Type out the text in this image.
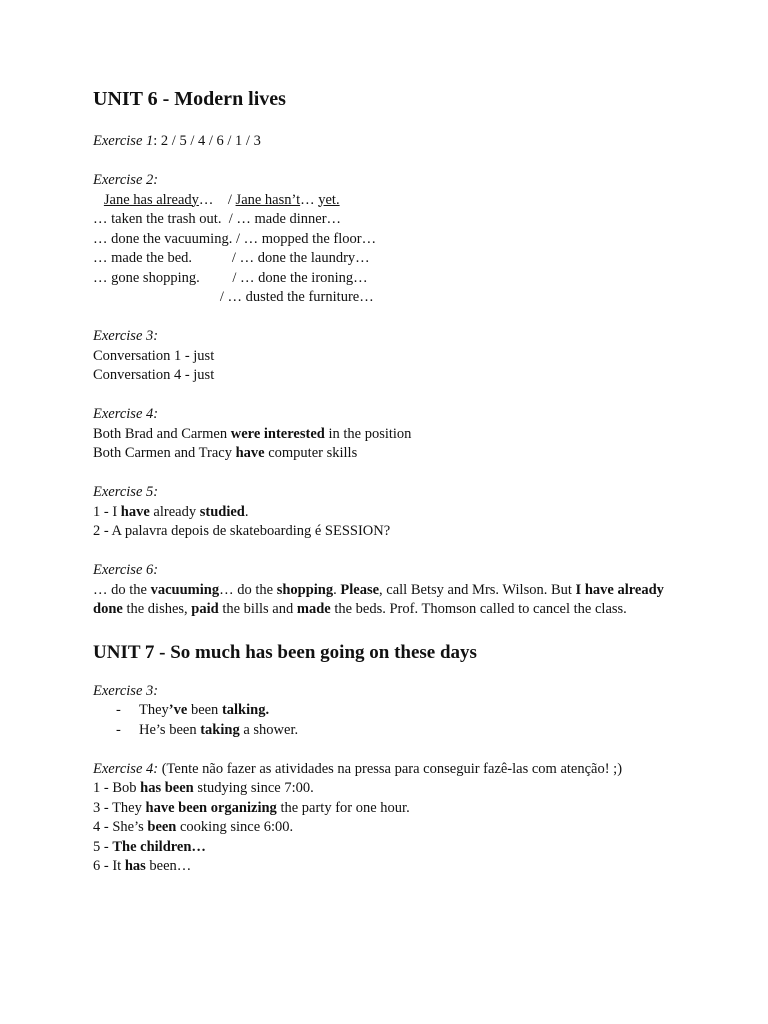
UNIT 6 - Modern lives
Exercise 1: 2 / 5 / 4 / 6 / 1 / 3
Exercise 2:
Jane has already…    / Jane hasn’t… yet.
… taken the trash out.  / … made dinner…
… done the vacuuming. / … mopped the floor…
… made the bed.           / … done the laundry…
… gone shopping.         / … done the ironing…
/ … dusted the furniture…
Exercise 3:
Conversation 1 - just
Conversation 4 - just
Exercise 4:
Both Brad and Carmen were interested in the position
Both Carmen and Tracy have computer skills
Exercise 5:
1 - I have already studied.
2 - A palavra depois de skateboarding é SESSION?
Exercise 6:
… do the vacuuming… do the shopping. Please, call Betsy and Mrs. Wilson. But I have already done the dishes, paid the bills and made the beds. Prof. Thomson called to cancel the class.
UNIT 7 - So much has been going on these days
Exercise 3:
- They’ve been talking.
- He’s been taking a shower.
Exercise 4: (Tente não fazer as atividades na pressa para conseguir fazê-las com atenção! ;)
1 - Bob has been studying since 7:00.
3 - They have been organizing the party for one hour.
4 - She’s been cooking since 6:00.
5 - The children…
6 - It has been…
